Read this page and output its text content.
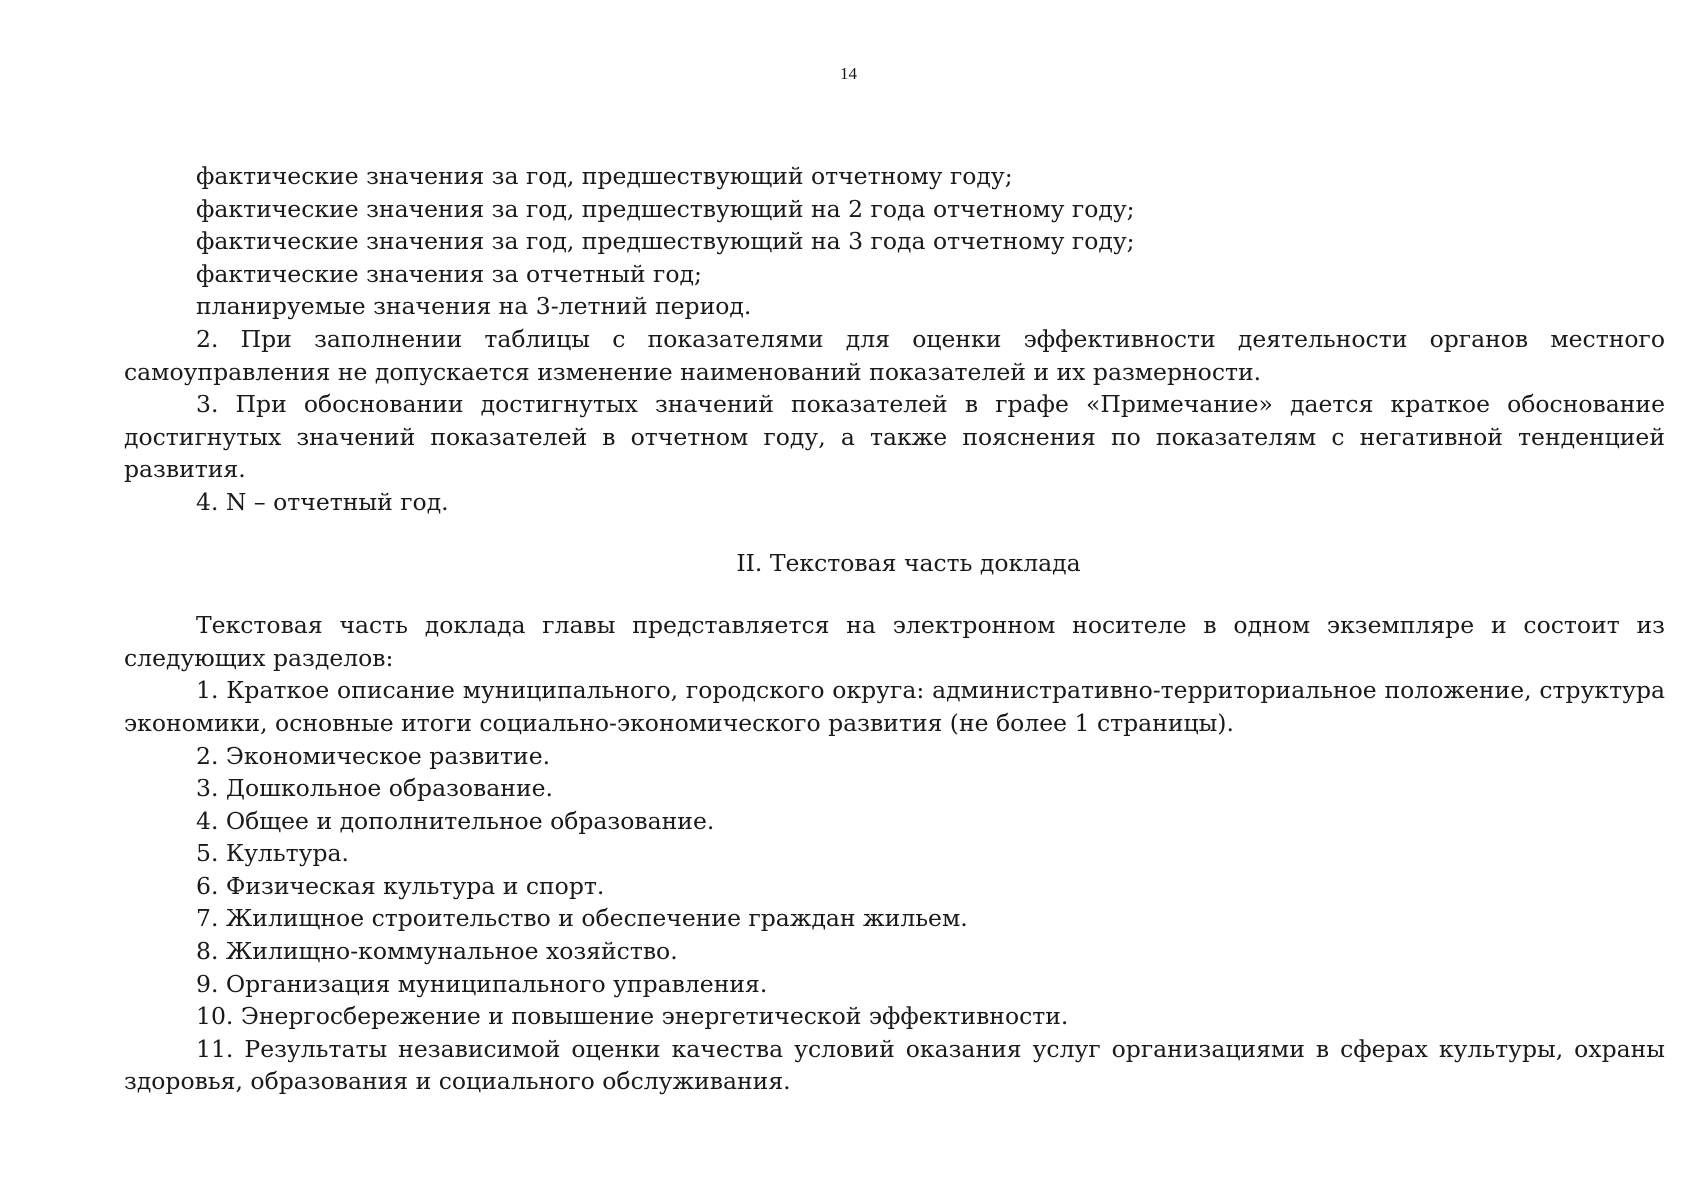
14

фактические значения за год, предшествующий отчетному году;

фактические значения за год, предшествующий на 2 года отчетному году;

фактические значения за год, предшествующий на 3 года отчетному году;

фактические значения за отчетный год;

планируемые значения на 3-летний период.

2. При заполнении таблицы с показателями для оценки эффективности деятельности органов местного самоуправления не допускается изменение наименований показателей и их размерности.

3. При обосновании достигнутых значений показателей в графе «Примечание» дается краткое обоснование достигнутых значений показателей в отчетном году, а также пояснения по показателям с негативной тенденцией развития.

4. N – отчетный год.

II. Текстовая часть доклада

Текстовая часть доклада главы представляется на электронном носителе в одном экземпляре и состоит из следующих разделов:

1. Краткое описание муниципального, городского округа: административно-территориальное положение, структура экономики, основные итоги социально-экономического развития (не более 1 страницы).

2. Экономическое развитие.

3. Дошкольное образование.

4. Общее и дополнительное образование.

5. Культура.

6. Физическая культура и спорт.

7. Жилищное строительство и обеспечение граждан жильем.

8. Жилищно-коммунальное хозяйство.

9. Организация муниципального управления.

10. Энергосбережение и повышение энергетической эффективности.

11. Результаты независимой оценки качества условий оказания услуг организациями в сферах культуры, охраны здоровья, образования и социального обслуживания.
